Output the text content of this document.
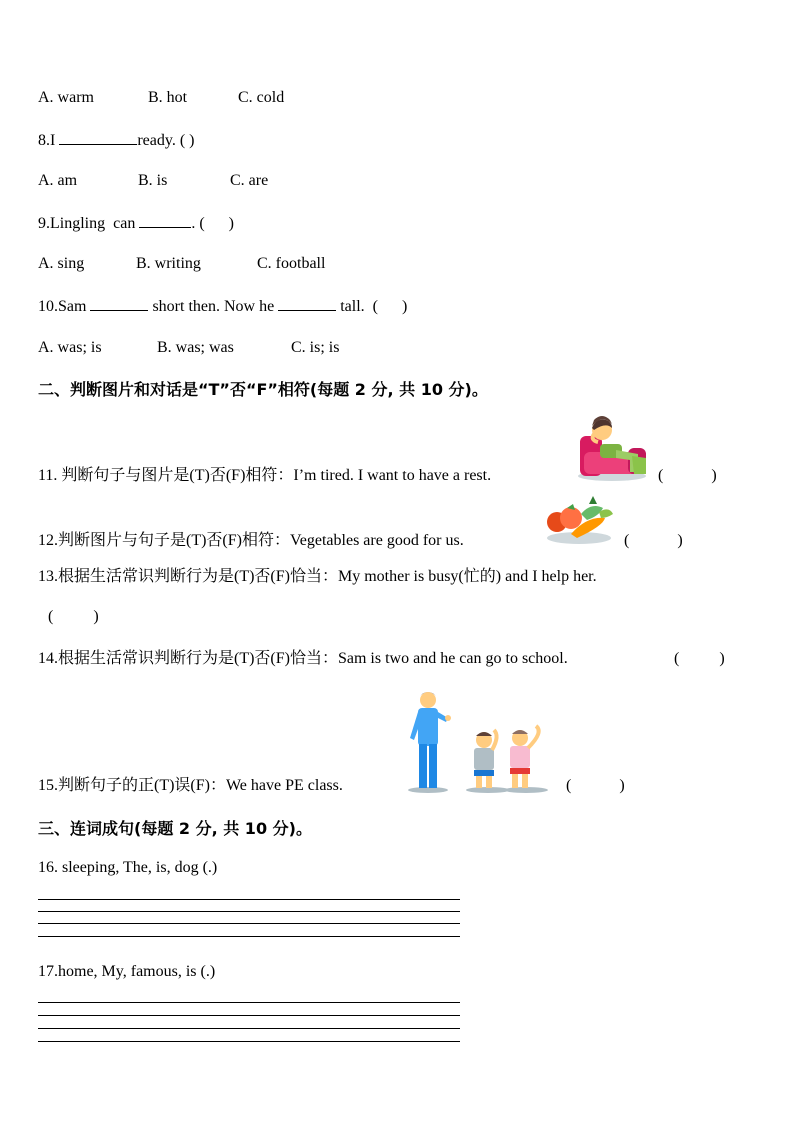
A. warm	B. hot	C. cold
8.I	ready. ( )
A. am	B. is	C. are
9.Lingling  can	. (      )
A. sing	B. writing	C. football
10.Sam	short then. Now he	tall.  (      )
A. was; is	B. was; was	C. is; is
二、判断图片和对话是“T”否“F”相符(每题 2 分, 共 10 分)。
11. 判断句子与图片是(T)否(F)相符：I’m tired. I want to have a rest.	(            )
12.判断图片与句子是(T)否(F)相符：Vegetables are good for us.	(            )
13.根据生活常识判断行为是(T)否(F)恰当：My mother is busy(忙的) and I help her.
(          )
14.根据生活常识判断行为是(T)否(F)恰当：Sam is two and he can go to school.	(          )
15.判断句子的正(T)误(F)：We have PE class.	(            )
三、连词成句(每题 2 分, 共 10 分)。
16. sleeping, The, is, dog (.)
17.home, My, famous, is (.)
